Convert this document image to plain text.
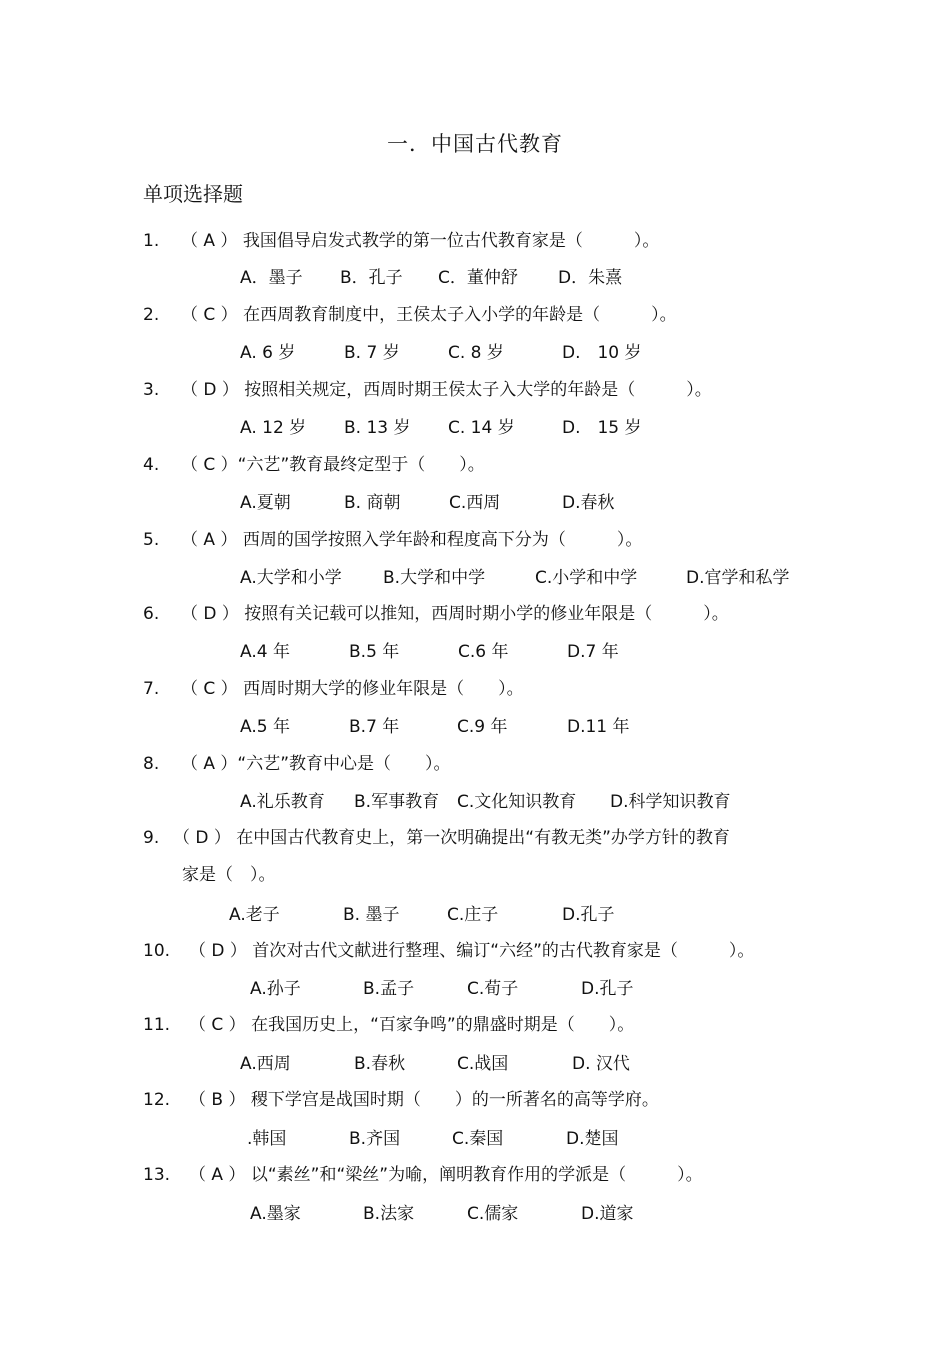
一．中国古代教育
单项选择题
1. （ A ） 我国倡导启发式教学的第一位古代教育家是（　　　）。
A．墨子 B．孔子 C．董仲舒 D．朱熹
2. （ C ） 在西周教育制度中，王侯太子入小学的年龄是（　　　）。
A. 6 岁	B. 7 岁	C. 8 岁	D.　10 岁
3. （ D ） 按照相关规定，西周时期王侯太子入大学的年龄是（　　　）。
A. 12 岁 B. 13 岁 C. 14 岁	D.　15 岁
4. （ C ）“六艺”教育最终定型于（　　）。
A.夏朝	B. 商朝	C.西周	D.春秋
5. （ A ） 西周的国学按照入学年龄和程度高下分为（　　　）。
A.大学和小学 B.大学和中学	C.小学和中学	D.官学和私学
6. （ D ） 按照有关记载可以推知，西周时期小学的修业年限是（　　　）。
A.4 年	B.5 年	C.6 年	D.7 年
7. （ C ） 西周时期大学的修业年限是（　　）。
A.5 年	B.7 年	C.9 年	D.11 年
8. （ A ）“六艺”教育中心是（　　）。
A.礼乐教育 B.军事教育 C.文化知识教育 D.科学知识教育
9. （ D ） 在中国古代教育史上，第一次明确提出“有教无类”办学方针的教育
家是（　）。
A.老子	B. 墨子	C.庄子	D.孔子
10. （ D ） 首次对古代文献进行整理、编订“六经”的古代教育家是（　　　）。
A.孙子	B.孟子	C.荀子	D.孔子
11. （ C ） 在我国历史上，“百家争鸣”的鼎盛时期是（　　）。
A.西周	B.春秋	C.战国	D. 汉代
12. （ B ） 稷下学宫是战国时期（　　）的一所著名的高等学府。
.韩国	B.齐国	C.秦国	D.楚国
13. （ A ） 以“素丝”和“梁丝”为喻，阐明教育作用的学派是（　　　）。
A.墨家	B.法家	C.儒家	D.道家
